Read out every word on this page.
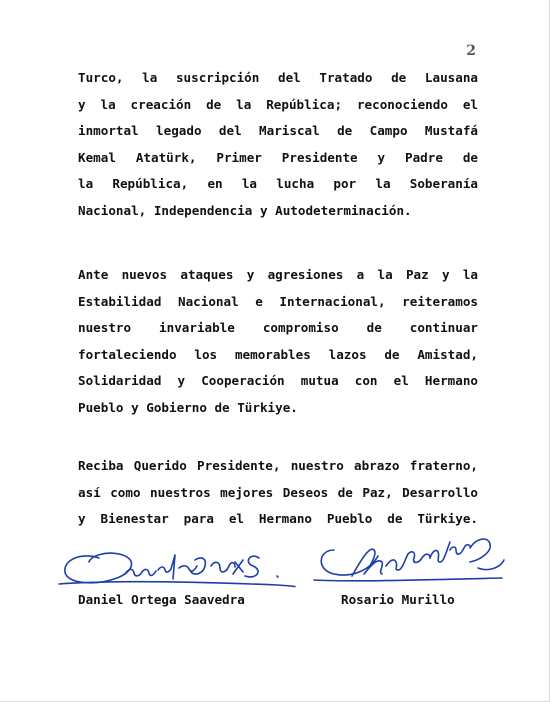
2

Turco, la suscripción del Tratado de Lausana
y la creación de la República; reconociendo el
inmortal legado del Mariscal de Campo Mustafá
Kemal Atatürk, Primer Presidente y Padre de
la República, en la lucha por la Soberanía
Nacional, Independencia y Autodeterminación.

Ante nuevos ataques y agresiones a la Paz y la
Estabilidad Nacional e Internacional, reiteramos
nuestro invariable compromiso de continuar
fortaleciendo los memorables lazos de Amistad,
Solidaridad y Cooperación mutua con el Hermano
Pueblo y Gobierno de Türkiye.

Reciba Querido Presidente, nuestro abrazo fraterno,
así como nuestros mejores Deseos de Paz, Desarrollo
y Bienestar para el Hermano Pueblo de Türkiye.

Daniel Ortega Saavedra	Rosario Murillo
